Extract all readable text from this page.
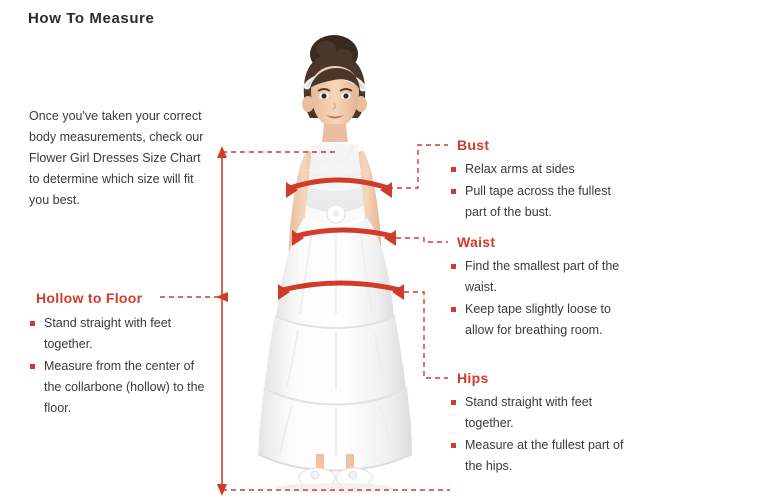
How To Measure
Once you've taken your correct body measurements, check our Flower Girl Dresses Size Chart to determine which size will fit you best.
Hollow to Floor
Stand straight with feet together.
Measure from the center of the collarbone (hollow) to the floor.
Bust
Relax arms at sides
Pull tape across the fullest part of the bust.
Waist
Find the smallest part of the waist.
Keep tape slightly loose to allow for breathing room.
Hips
Stand straight with feet together.
Measure at the fullest part of the hips.
